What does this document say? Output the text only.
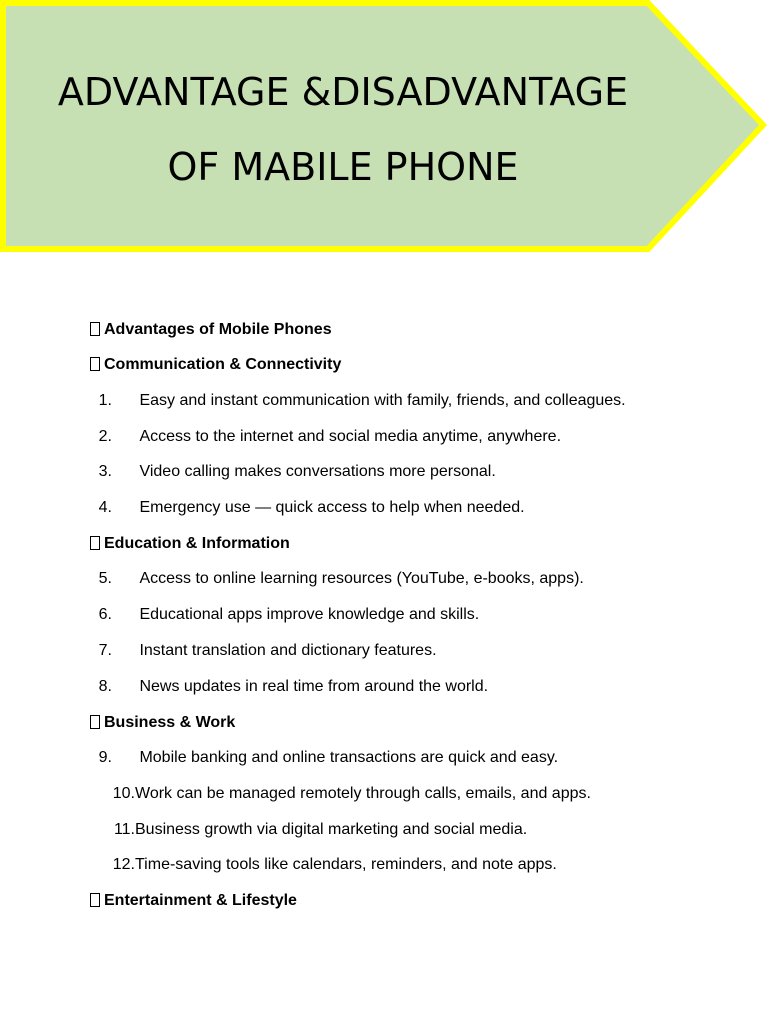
ADVANTAGE &DISADVANTAGE
OF MABILE PHONE
Advantages of Mobile Phones
Communication & Connectivity
1. Easy and instant communication with family, friends, and colleagues.
2. Access to the internet and social media anytime, anywhere.
3. Video calling makes conversations more personal.
4. Emergency use — quick access to help when needed.
Education & Information
5. Access to online learning resources (YouTube, e-books, apps).
6. Educational apps improve knowledge and skills.
7. Instant translation and dictionary features.
8. News updates in real time from around the world.
Business & Work
9. Mobile banking and online transactions are quick and easy.
10.Work can be managed remotely through calls, emails, and apps.
11.Business growth via digital marketing and social media.
12.Time-saving tools like calendars, reminders, and note apps.
Entertainment & Lifestyle
